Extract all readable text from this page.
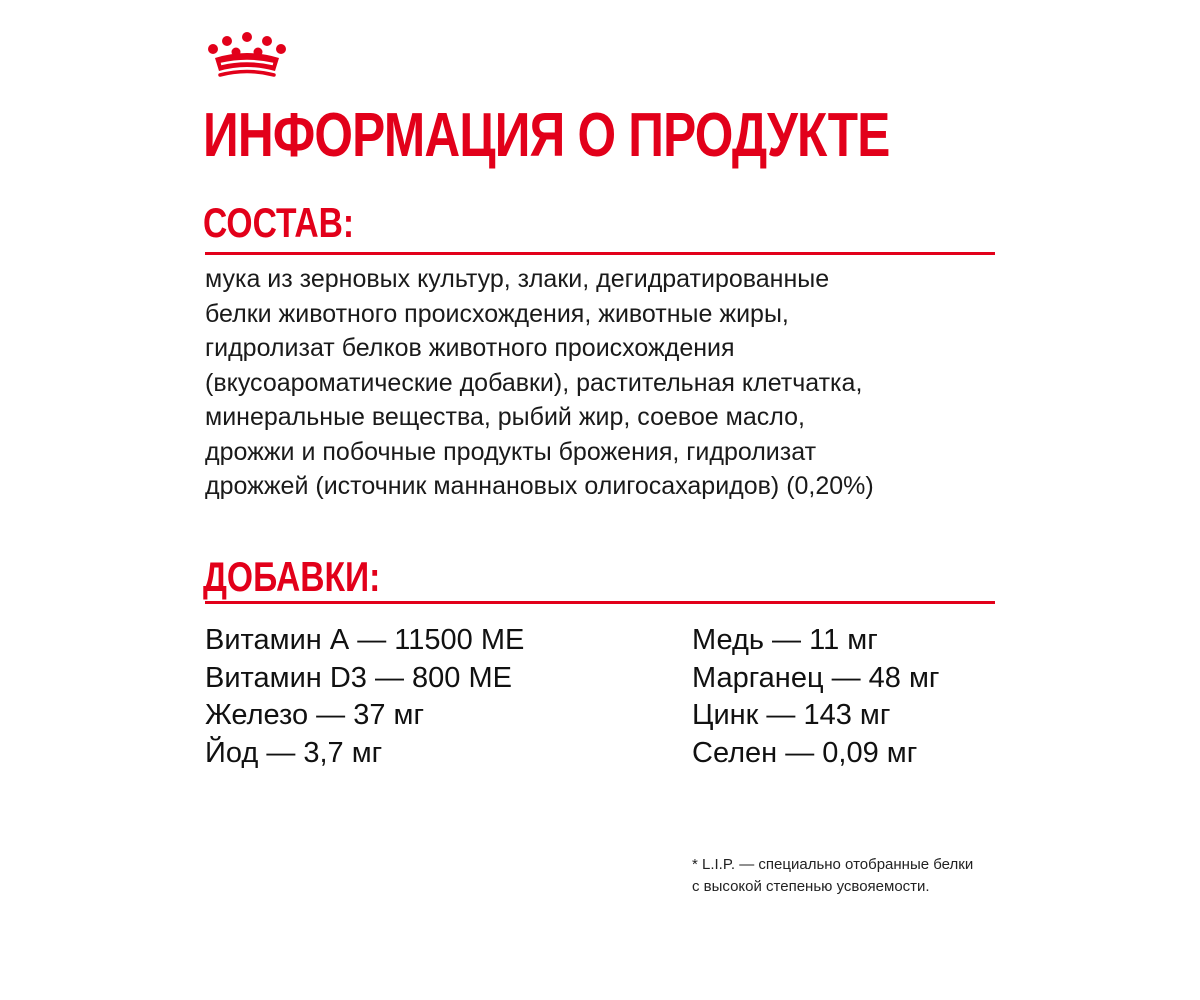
ИНФОРМАЦИЯ О ПРОДУКТЕ
СОСТАВ:
мука из зерновых культур, злаки, дегидратированные
белки животного происхождения, животные жиры,
гидролизат белков животного происхождения
(вкусоароматические добавки), растительная клетчатка,
минеральные вещества, рыбий жир, соевое масло,
дрожжи и побочные продукты брожения, гидролизат
дрожжей (источник маннановых олигосахаридов) (0,20%)
ДОБАВКИ:
Витамин А — 11500 МЕ
Витамин D3 — 800 МЕ
Железо — 37 мг
Йод — 3,7 мг
Медь — 11 мг
Марганец — 48 мг
Цинк — 143 мг
Селен — 0,09 мг
* L.I.P. — специально отобранные белки
с высокой степенью усвояемости.
